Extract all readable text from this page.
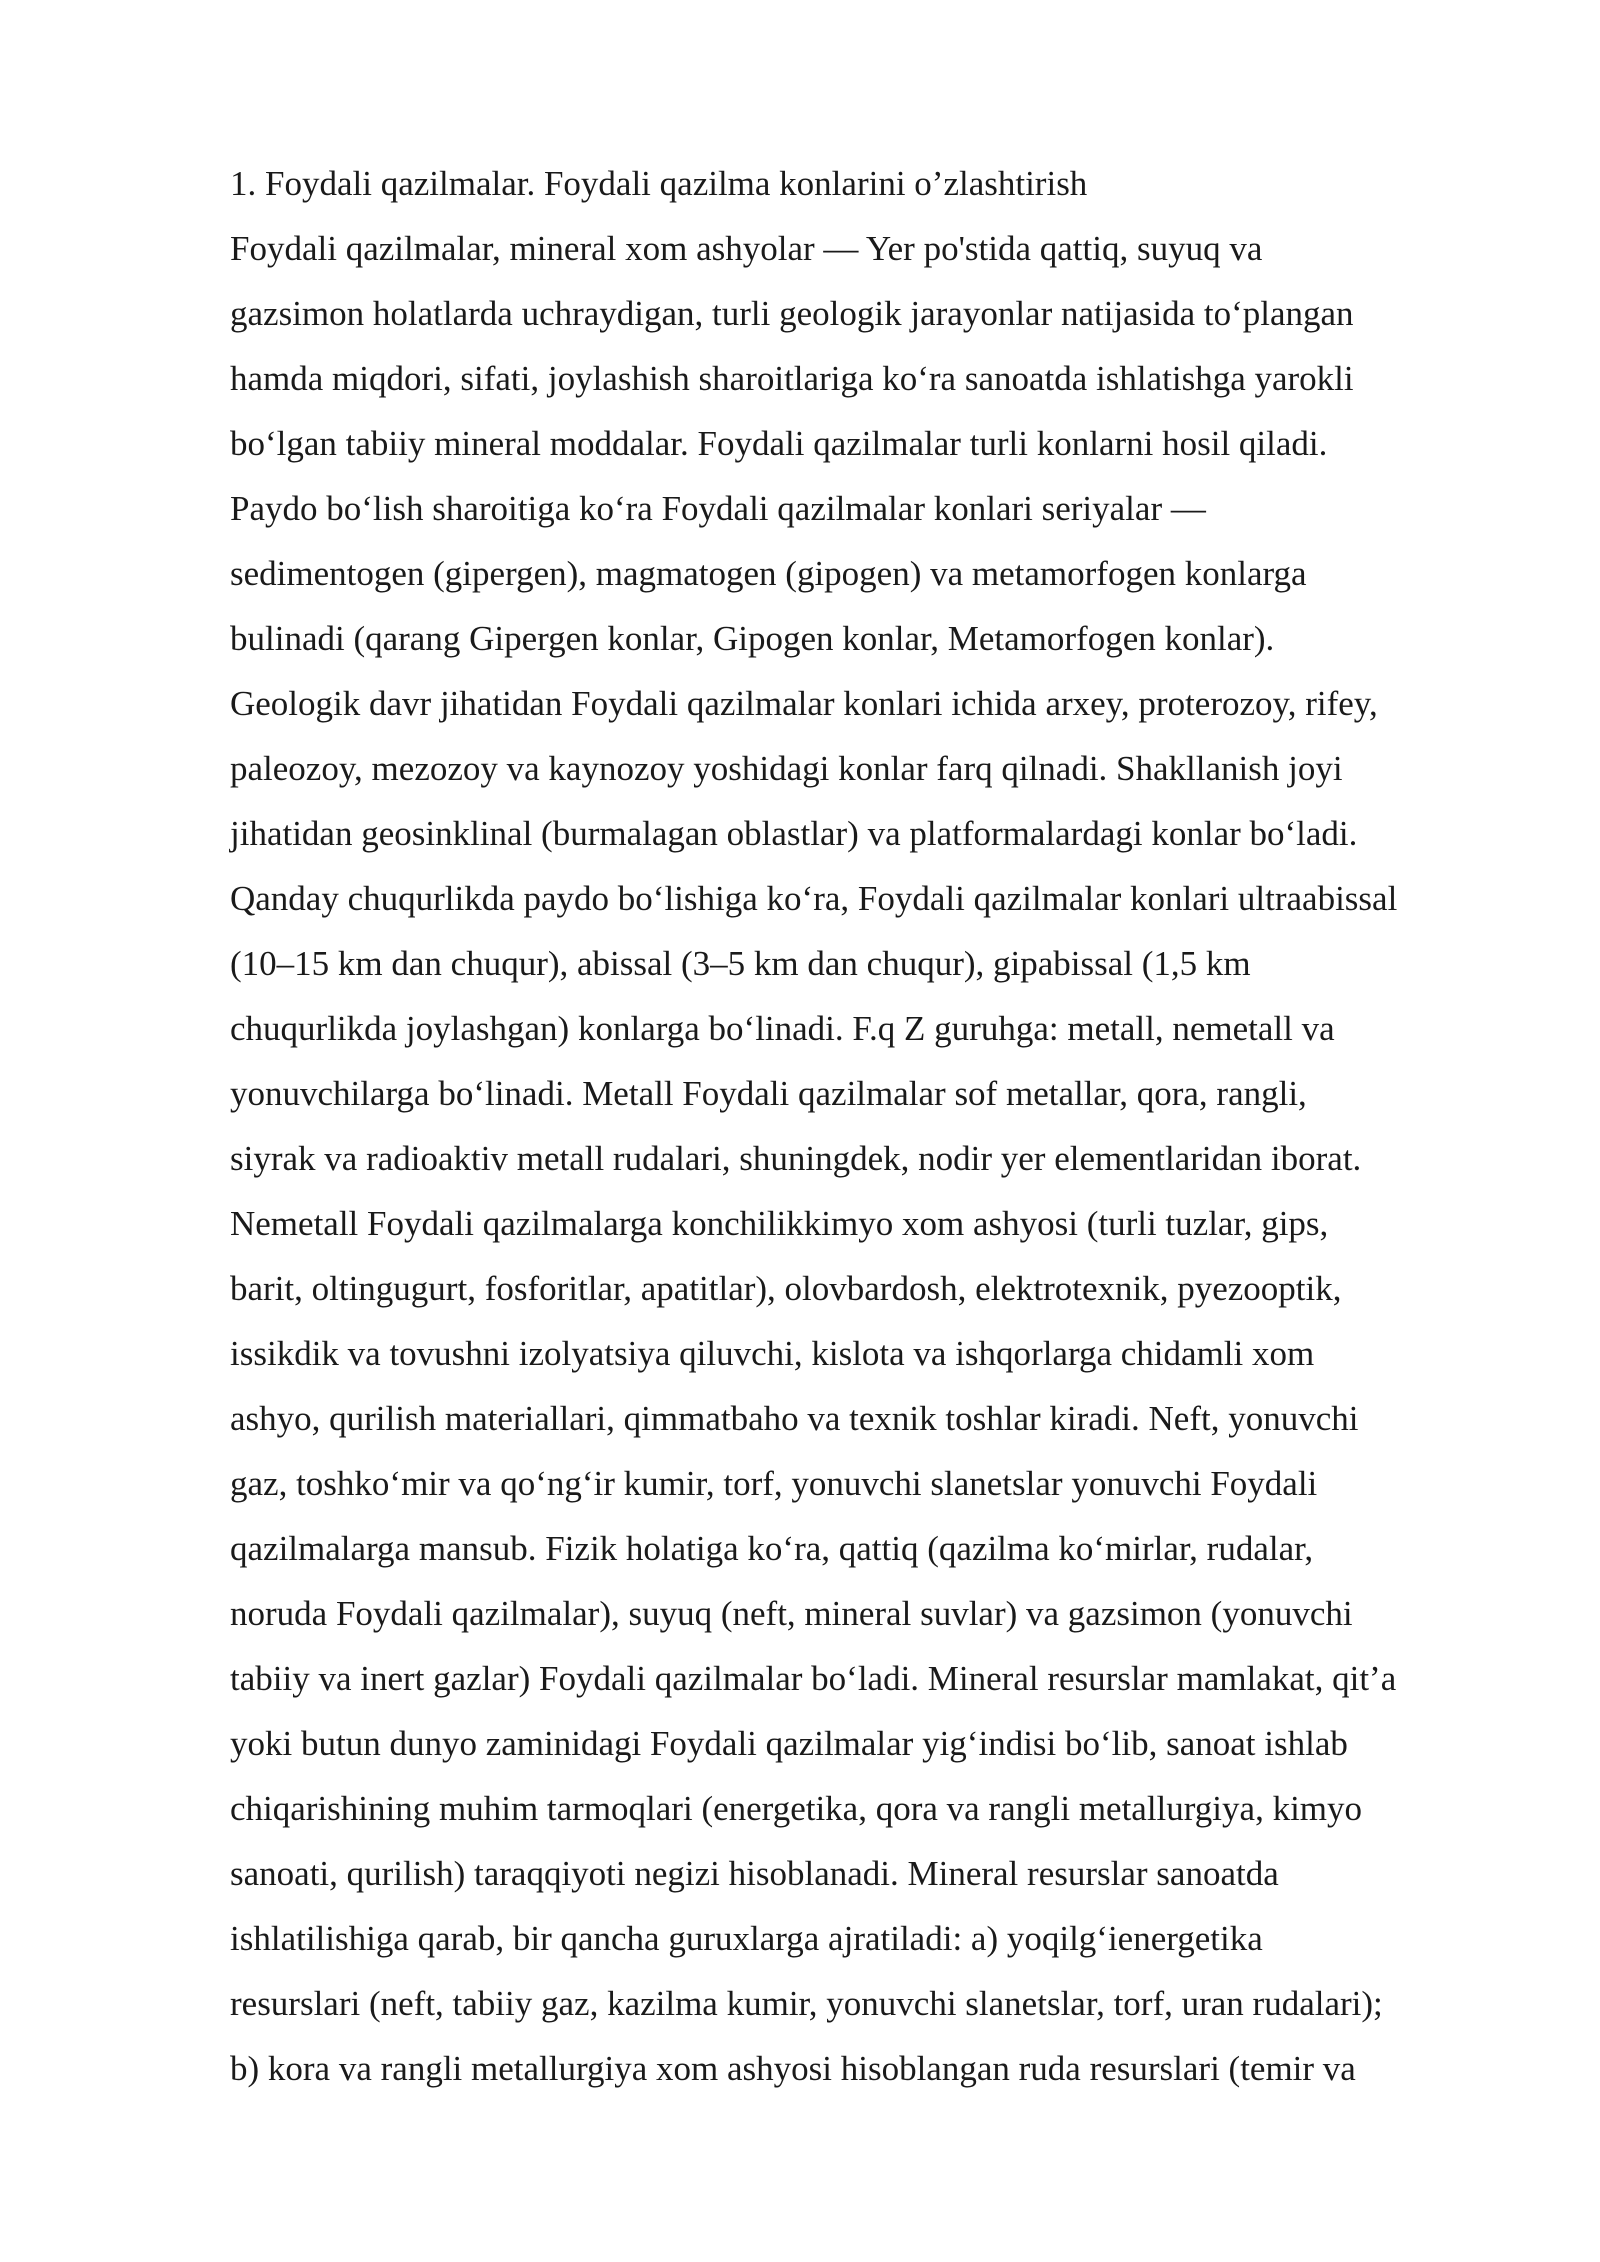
1. Foydali qazilmalar. Foydali qazilma konlarini o’zlashtirish
Foydali qazilmalar, mineral xom ashyolar — Yer po'stida qattiq, suyuq va
gazsimon holatlarda uchraydigan, turli geologik jarayonlar natijasida to‘plangan
hamda miqdori, sifati, joylashish sharoitlariga ko‘ra sanoatda ishlatishga yarokli
bo‘lgan tabiiy mineral moddalar. Foydali qazilmalar turli konlarni hosil qiladi.
Paydo bo‘lish sharoitiga ko‘ra Foydali qazilmalar konlari seriyalar —
sedimentogen (gipergen), magmatogen (gipogen) va metamorfogen konlarga
bulinadi (qarang Gipergen konlar, Gipogen konlar, Metamorfogen konlar).
Geologik davr jihatidan Foydali qazilmalar konlari ichida arxey, proterozoy, rifey,
paleozoy, mezozoy va kaynozoy yoshidagi konlar farq qilnadi. Shakllanish joyi
jihatidan geosinklinal (burmalagan oblastlar) va platformalardagi konlar bo‘ladi.
Qanday chuqurlikda paydo bo‘lishiga ko‘ra, Foydali qazilmalar konlari ultraabissal
(10–15 km dan chuqur), abissal (3–5 km dan chuqur), gipabissal (1,5 km
chuqurlikda joylashgan) konlarga bo‘linadi. F.q Z guruhga: metall, nemetall va
yonuvchilarga bo‘linadi. Metall Foydali qazilmalar sof metallar, qora, rangli,
siyrak va radioaktiv metall rudalari, shuningdek, nodir yer elementlaridan iborat.
Nemetall Foydali qazilmalarga konchilikkimyo xom ashyosi (turli tuzlar, gips,
barit, oltingugurt, fosforitlar, apatitlar), olovbardosh, elektrotexnik, pyezooptik,
issikdik va tovushni izolyatsiya qiluvchi, kislota va ishqorlarga chidamli xom
ashyo, qurilish materiallari, qimmatbaho va texnik toshlar kiradi. Neft, yonuvchi
gaz, toshko‘mir va qo‘ng‘ir kumir, torf, yonuvchi slanetslar yonuvchi Foydali
qazilmalarga mansub. Fizik holatiga ko‘ra, qattiq (qazilma ko‘mirlar, rudalar,
noruda Foydali qazilmalar), suyuq (neft, mineral suvlar) va gazsimon (yonuvchi
tabiiy va inert gazlar) Foydali qazilmalar bo‘ladi. Mineral resurslar mamlakat, qit’a
yoki butun dunyo zaminidagi Foydali qazilmalar yig‘indisi bo‘lib, sanoat ishlab
chiqarishining muhim tarmoqlari (energetika, qora va rangli metallurgiya, kimyo
sanoati, qurilish) taraqqiyoti negizi hisoblanadi. Mineral resurslar sanoatda
ishlatilishiga qarab, bir qancha guruxlarga ajratiladi: a) yoqilg‘ienergetika
resurslari (neft, tabiiy gaz, kazilma kumir, yonuvchi slanetslar, torf, uran rudalari);
b) kora va rangli metallurgiya xom ashyosi hisoblangan ruda resurslari (temir va
